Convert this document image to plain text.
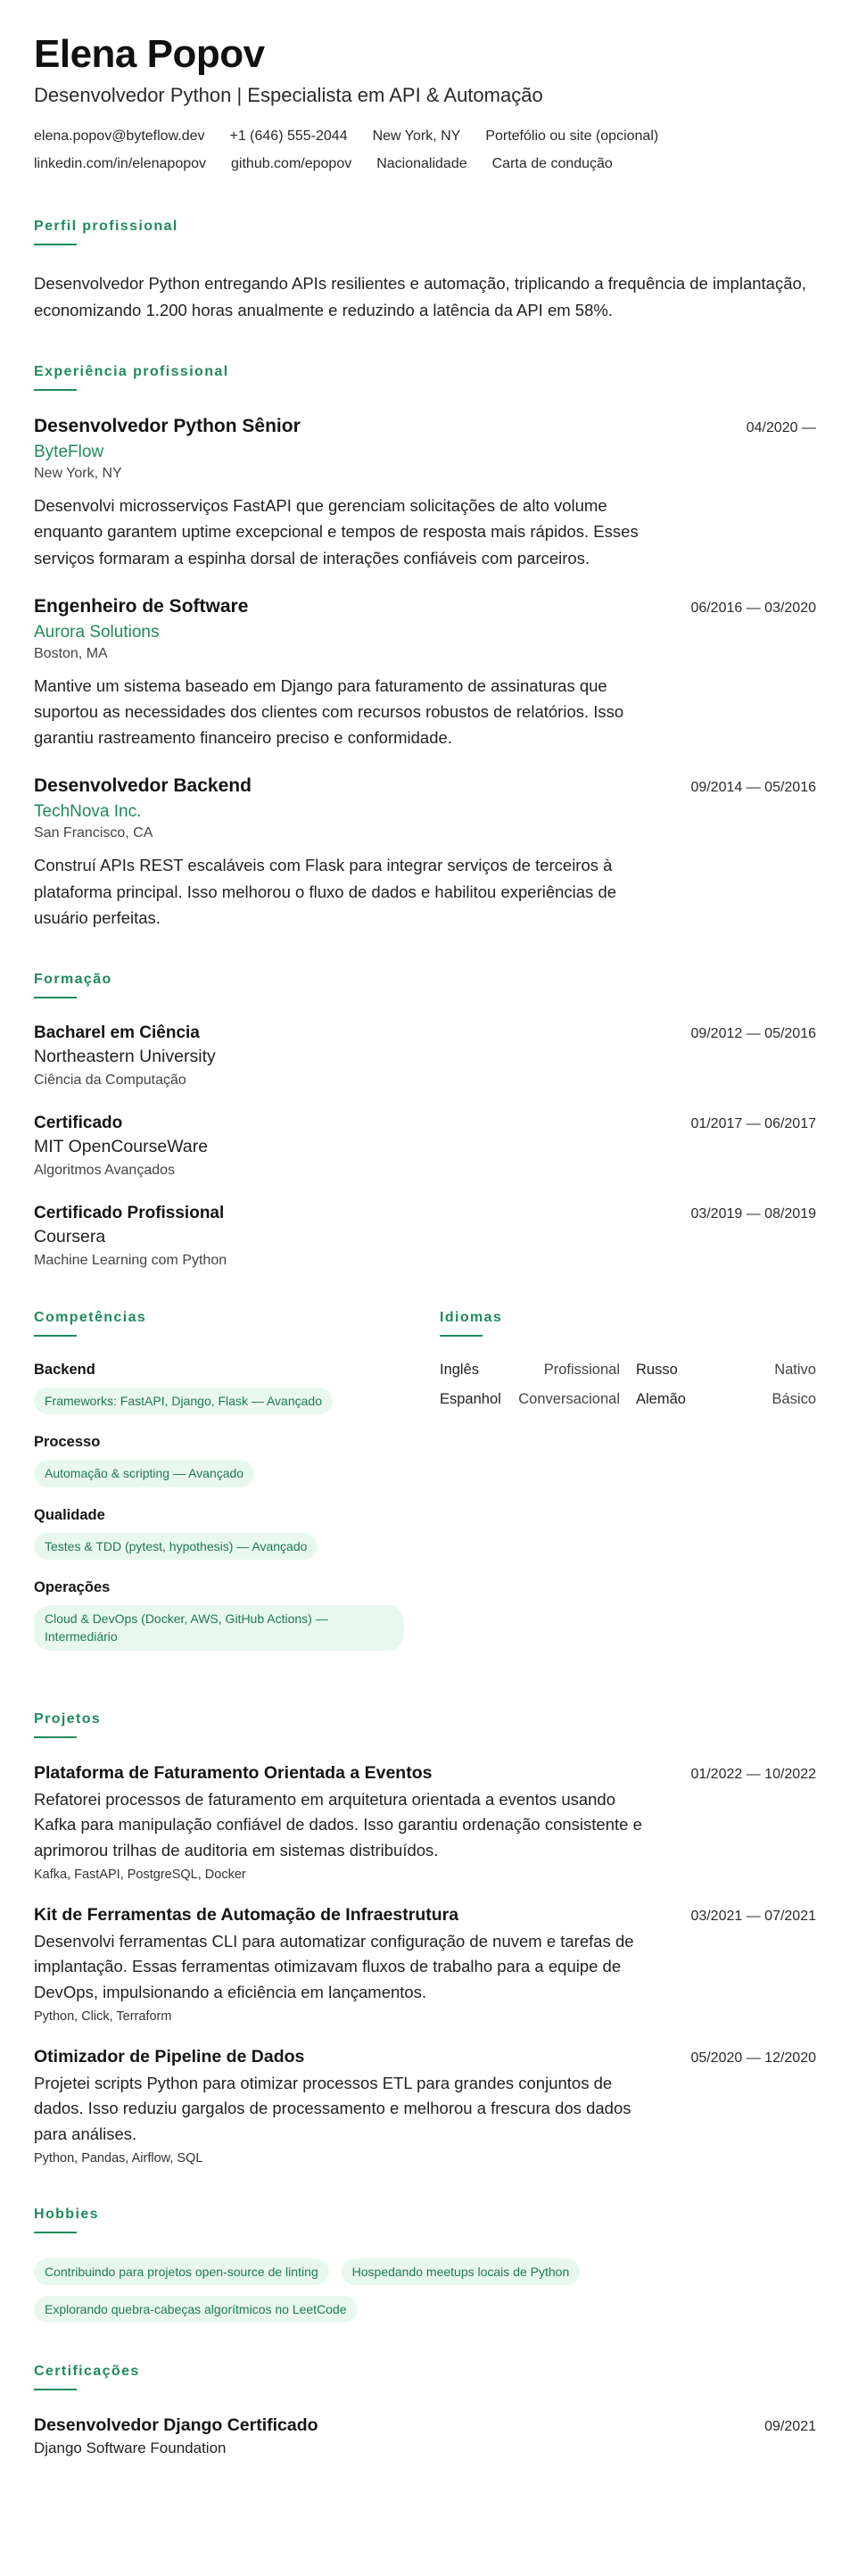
Elena Popov
Desenvolvedor Python | Especialista em API & Automação
elena.popov@byteflow.dev +1 (646) 555-2044 New York, NY Portefólio ou site (opcional)
linkedin.com/in/elenapopov github.com/epopov Nacionalidade Carta de condução
Perfil profissional
Desenvolvedor Python entregando APIs resilientes e automação, triplicando a frequência de implantação, economizando 1.200 horas anualmente e reduzindo a latência da API em 58%.
Experiência profissional
Desenvolvedor Python Sênior	04/2020 —
ByteFlow
New York, NY
Desenvolvi microsserviços FastAPI que gerenciam solicitações de alto volume enquanto garantem uptime excepcional e tempos de resposta mais rápidos. Esses serviços formaram a espinha dorsal de interações confiáveis com parceiros.
Engenheiro de Software	06/2016 — 03/2020
Aurora Solutions
Boston, MA
Mantive um sistema baseado em Django para faturamento de assinaturas que suportou as necessidades dos clientes com recursos robustos de relatórios. Isso garantiu rastreamento financeiro preciso e conformidade.
Desenvolvedor Backend	09/2014 — 05/2016
TechNova Inc.
San Francisco, CA
Construí APIs REST escaláveis com Flask para integrar serviços de terceiros à plataforma principal. Isso melhorou o fluxo de dados e habilitou experiências de usuário perfeitas.
Formação
Bacharel em Ciência	09/2012 — 05/2016
Northeastern University
Ciência da Computação
Certificado	01/2017 — 06/2017
MIT OpenCourseWare
Algoritmos Avançados
Certificado Profissional	03/2019 — 08/2019
Coursera
Machine Learning com Python
Competências
Backend
Frameworks: FastAPI, Django, Flask — Avançado
Processo
Automação & scripting — Avançado
Qualidade
Testes & TDD (pytest, hypothesis) — Avançado
Operações
Cloud & DevOps (Docker, AWS, GitHub Actions) — Intermediário
Idiomas
Inglês	Profissional Russo	Nativo
Espanhol Conversacional Alemão	Básico
Projetos
Plataforma de Faturamento Orientada a Eventos	01/2022 — 10/2022
Refatorei processos de faturamento em arquitetura orientada a eventos usando Kafka para manipulação confiável de dados. Isso garantiu ordenação consistente e aprimorou trilhas de auditoria em sistemas distribuídos.
Kafka, FastAPI, PostgreSQL, Docker
Kit de Ferramentas de Automação de Infraestrutura	03/2021 — 07/2021
Desenvolvi ferramentas CLI para automatizar configuração de nuvem e tarefas de implantação. Essas ferramentas otimizavam fluxos de trabalho para a equipe de DevOps, impulsionando a eficiência em lançamentos.
Python, Click, Terraform
Otimizador de Pipeline de Dados	05/2020 — 12/2020
Projetei scripts Python para otimizar processos ETL para grandes conjuntos de dados. Isso reduziu gargalos de processamento e melhorou a frescura dos dados para análises.
Python, Pandas, Airflow, SQL
Hobbies
Contribuindo para projetos open-source de linting	Hospedando meetups locais de Python
Explorando quebra-cabeças algorítmicos no LeetCode
Certificações
Desenvolvedor Django Certificado	09/2021
Django Software Foundation
